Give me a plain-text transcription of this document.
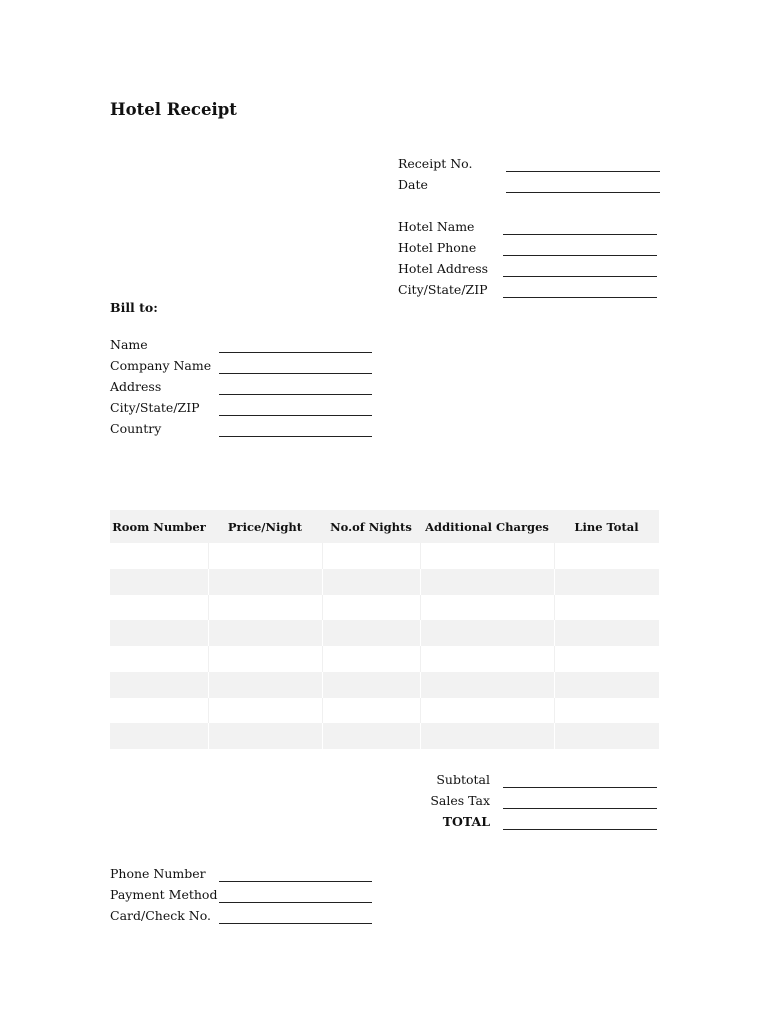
Hotel Receipt
Receipt No.
Date
Hotel Name
Hotel Phone
Hotel Address
City/State/ZIP
Bill to:
Name
Company Name
Address
City/State/ZIP
Country
Room Number	Price/Night	No.of Nights	Additional Charges	Line Total

Subtotal
Sales Tax
TOTAL
Phone Number
Payment Method
Card/Check No.
